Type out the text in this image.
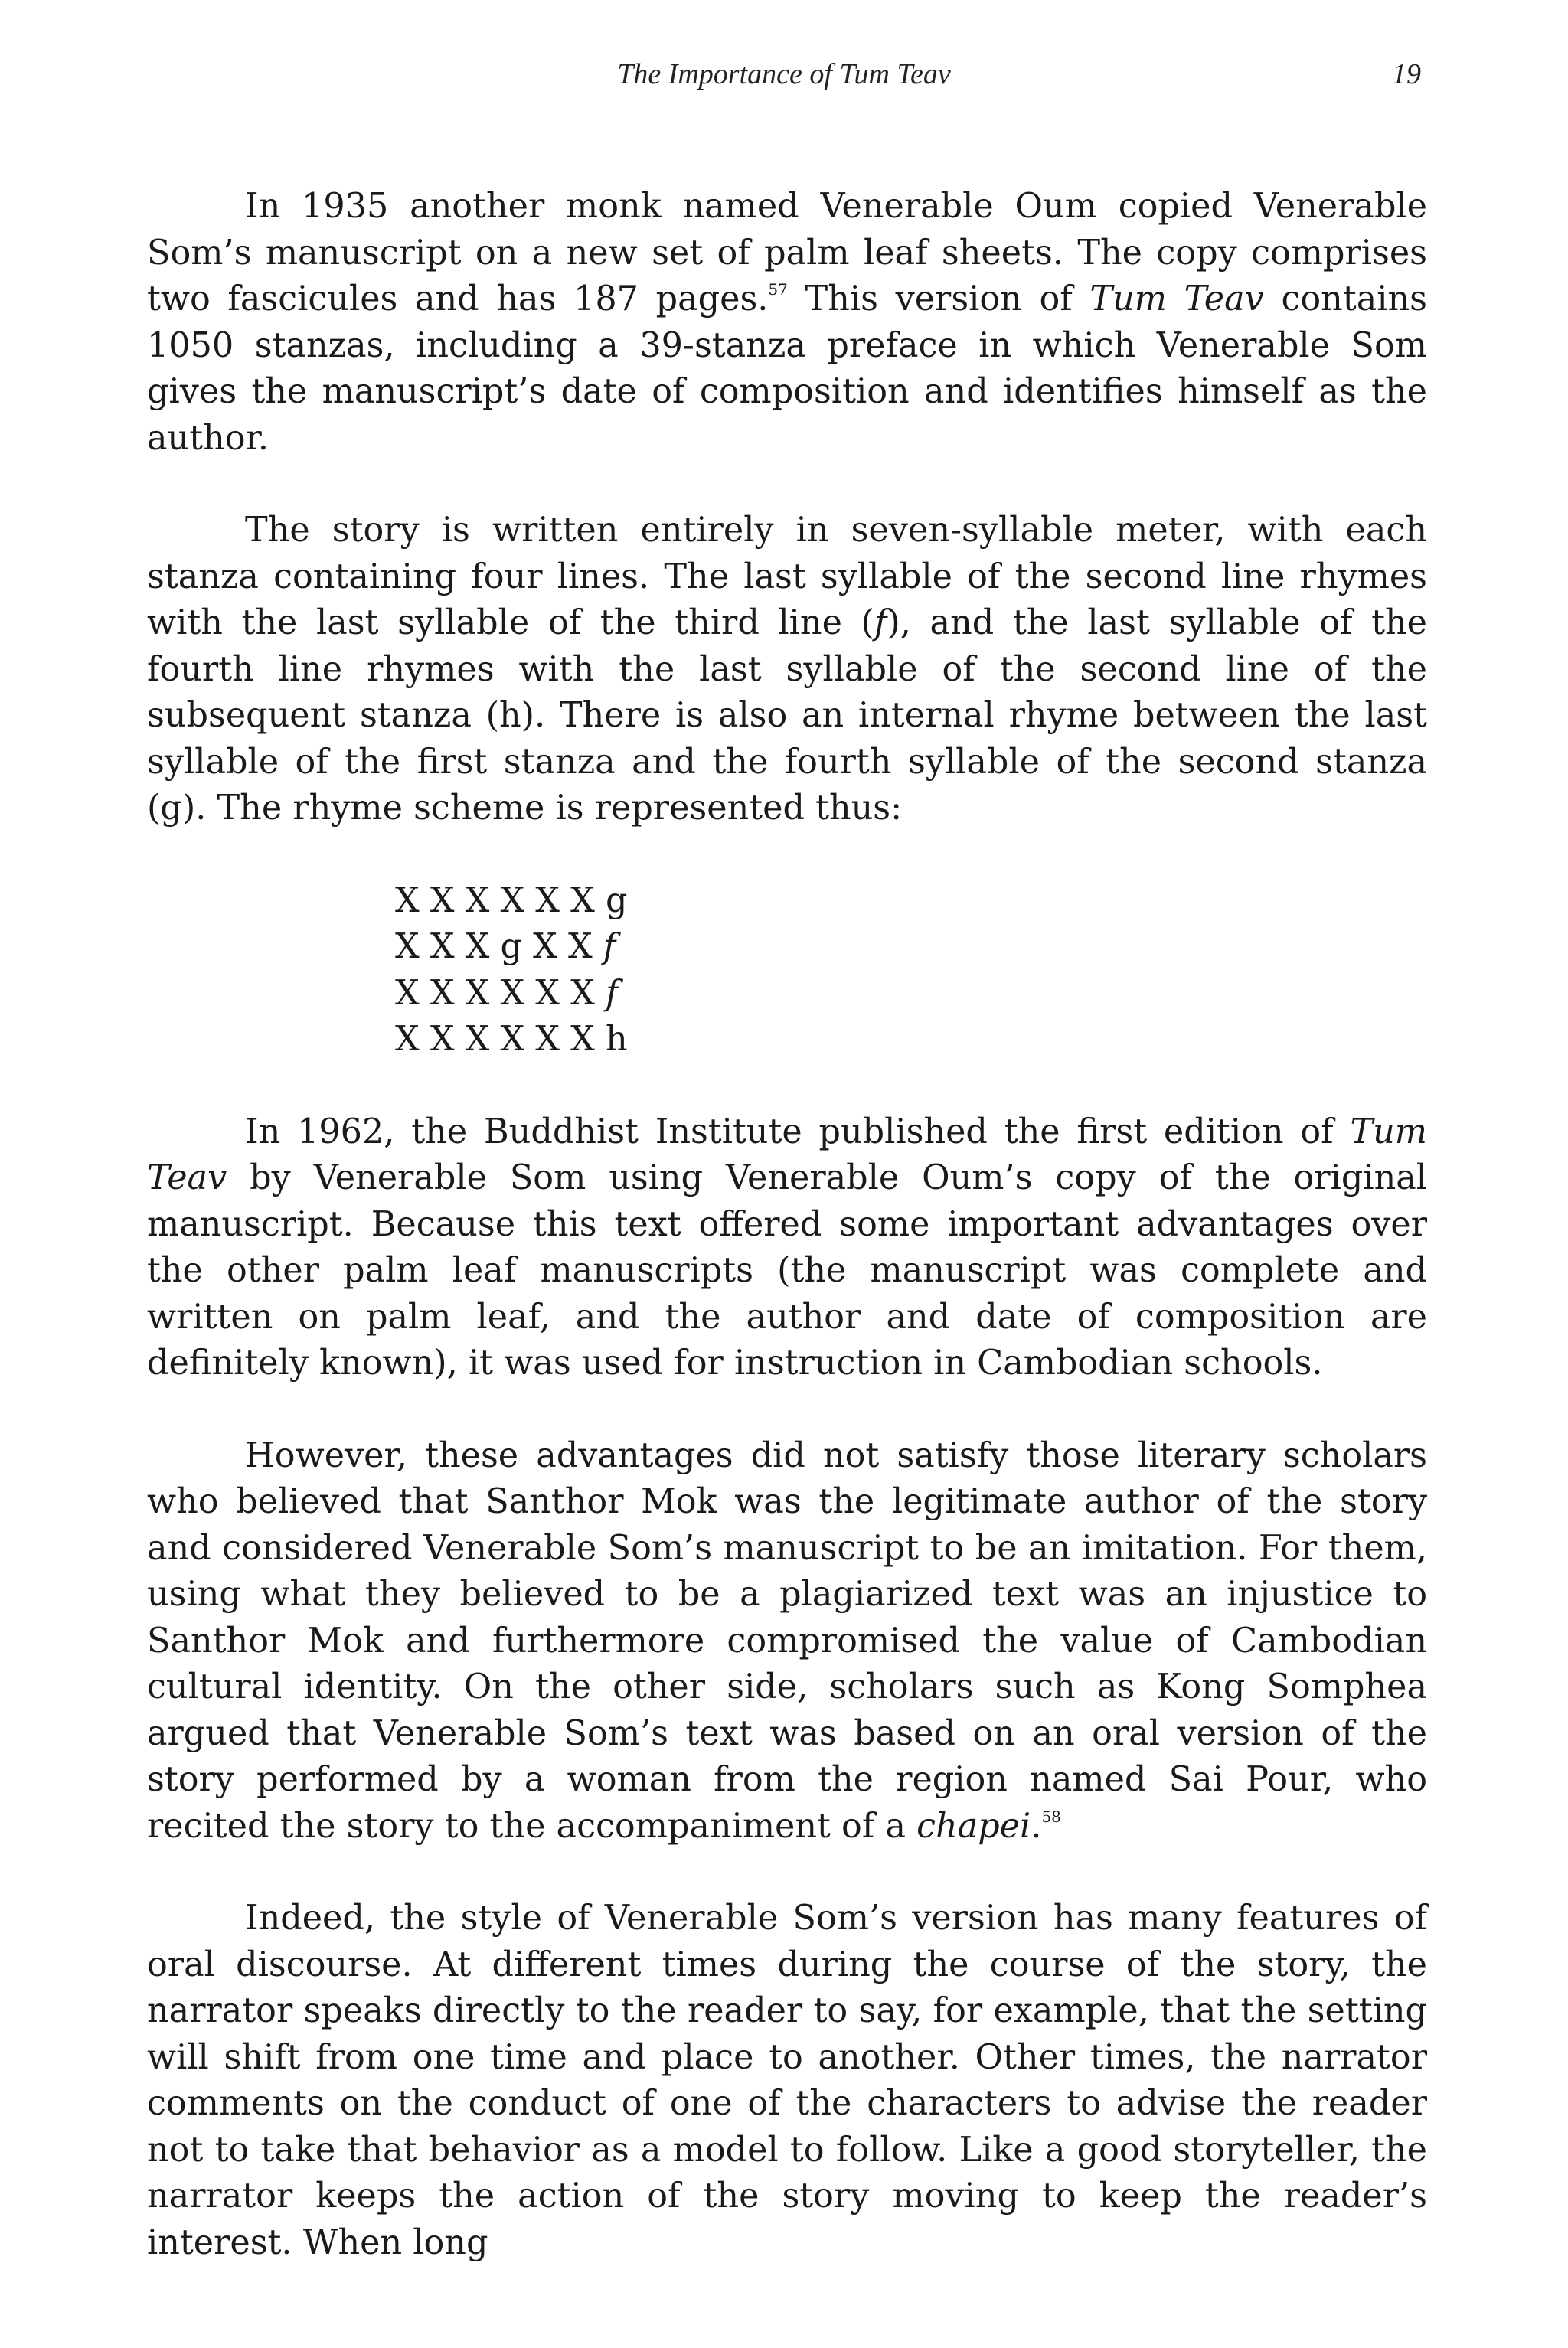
The Importance of Tum Teav	19

In 1935 another monk named Venerable Oum copied Venerable Som’s manuscript on a new set of palm leaf sheets. The copy comprises two fascicules and has 187 pages.$^{57}$ This version of Tum Teav contains 1050 stanzas, including a 39-stanza preface in which Venerable Som gives the manuscript’s date of composition and identifies himself as the author.

The story is written entirely in seven-syllable meter, with each stanza containing four lines. The last syllable of the second line rhymes with the last syllable of the third line (f), and the last syllable of the fourth line rhymes with the last syllable of the second line of the subsequent stanza (h). There is also an internal rhyme between the last syllable of the first stanza and the fourth syllable of the second stanza (g). The rhyme scheme is represented thus:

X X X X X X g
X X X g X X f
X X X X X X f
X X X X X X h

In 1962, the Buddhist Institute published the first edition of Tum Teav by Venerable Som using Venerable Oum’s copy of the original manuscript. Because this text offered some important advantages over the other palm leaf manuscripts (the manuscript was complete and written on palm leaf, and the author and date of composition are definitely known), it was used for instruction in Cambodian schools.

However, these advantages did not satisfy those literary scholars who believed that Santhor Mok was the legitimate author of the story and considered Venerable Som’s manuscript to be an imitation. For them, using what they believed to be a plagiarized text was an injustice to Santhor Mok and furthermore compromised the value of Cambodian cultural identity. On the other side, scholars such as Kong Somphea argued that Venerable Som’s text was based on an oral version of the story performed by a woman from the region named Sai Pour, who recited the story to the accompaniment of a chapei.$^{58}$

Indeed, the style of Venerable Som’s version has many features of oral discourse. At different times during the course of the story, the narrator speaks directly to the reader to say, for example, that the setting will shift from one time and place to another. Other times, the narrator comments on the conduct of one of the characters to advise the reader not to take that behavior as a model to follow. Like a good storyteller, the narrator keeps the action of the story moving to keep the reader’s interest. When long
